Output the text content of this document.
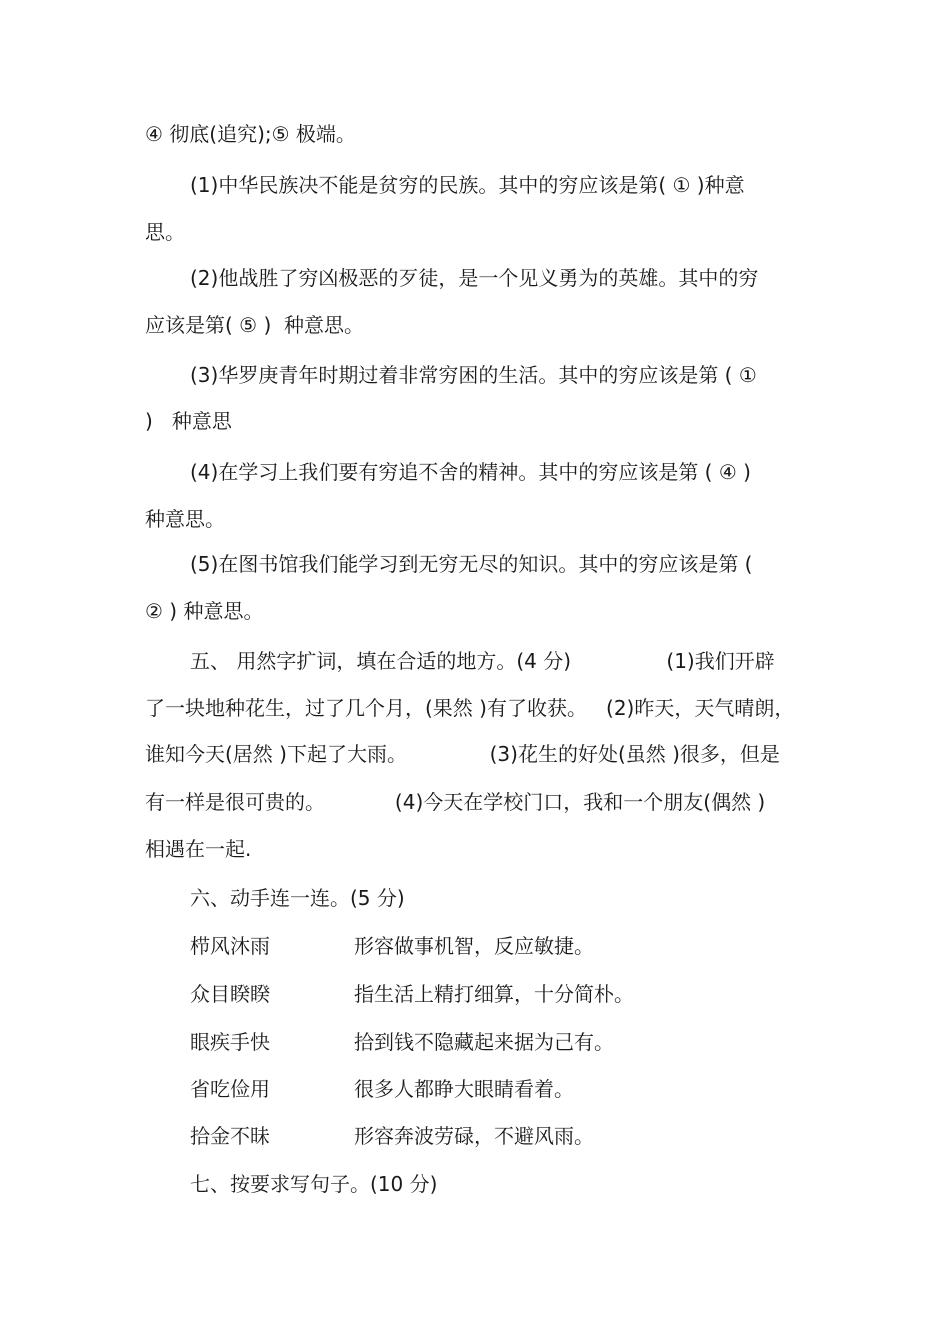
④ 彻底(追究);⑤ 极端。
(1)中华民族决不能是贫穷的民族。其中的穷应该是第( ① )种意
思。
(2)他战胜了穷凶极恶的歹徒，是一个见义勇为的英雄。其中的穷
应该是第( ⑤ )  种意思。
(3)华罗庚青年时期过着非常穷困的生活。其中的穷应该是第 ( ①
)   种意思
(4)在学习上我们要有穷追不舍的精神。其中的穷应该是第 ( ④ )
种意思。
(5)在图书馆我们能学习到无穷无尽的知识。其中的穷应该是第 (
② ) 种意思。
五、 用然字扩词，填在合适的地方。(4 分)               (1)我们开辟
了一块地种花生，过了几个月，(果然 )有了收获。   (2)昨天，天气晴朗，
谁知今天(居然 )下起了大雨。             (3)花生的好处(虽然 )很多，但是
有一样是很可贵的。           (4)今天在学校门口，我和一个朋友(偶然 )
相遇在一起.
六、动手连一连。(5 分)
栉风沐雨	形容做事机智，反应敏捷。
众目睽睽	指生活上精打细算，十分简朴。
眼疾手快	拾到钱不隐藏起来据为己有。
省吃俭用	很多人都睁大眼睛看着。
拾金不昧	形容奔波劳碌，不避风雨。
七、按要求写句子。(10 分)
